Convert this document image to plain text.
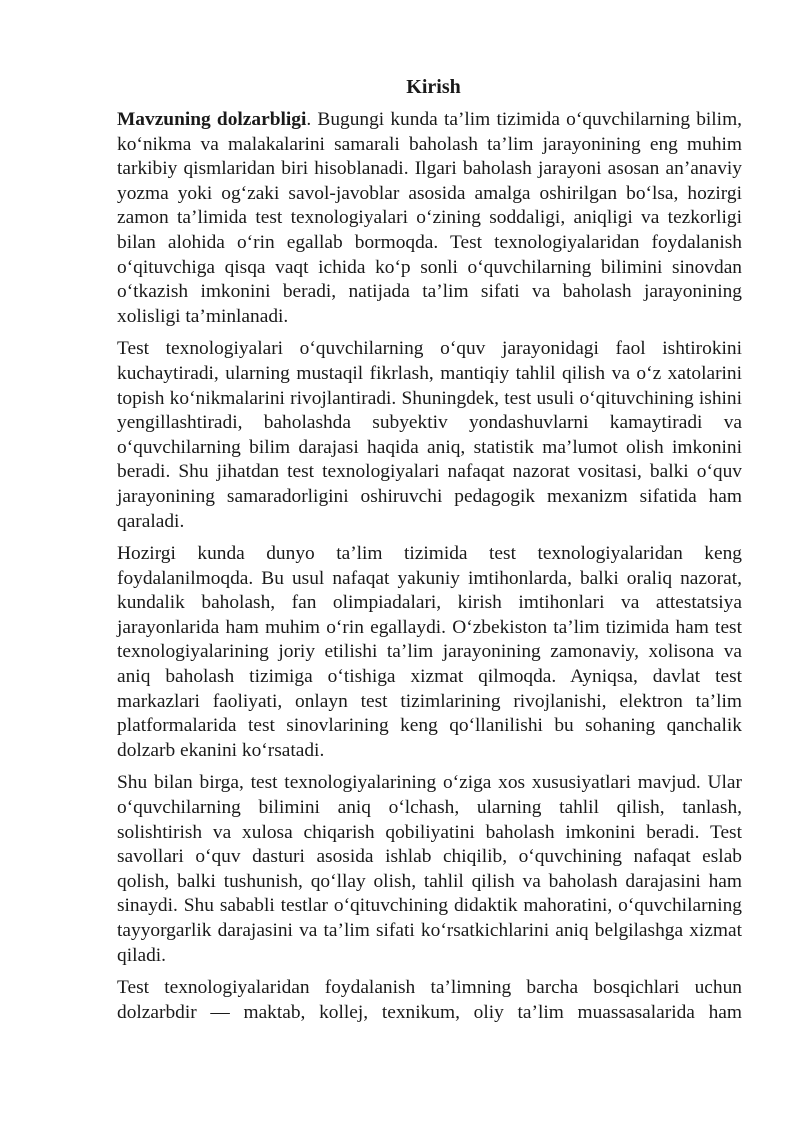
Kirish

Mavzuning dolzarbligi. Bugungi kunda ta’lim tizimida o‘quvchilarning bilim, ko‘nikma va malakalarini samarali baholash ta’lim jarayonining eng muhim tarkibiy qismlaridan biri hisoblanadi. Ilgari baholash jarayoni asosan an’anaviy yozma yoki og‘zaki savol-javoblar asosida amalga oshirilgan bo‘lsa, hozirgi zamon ta’limida test texnologiyalari o‘zining soddaligi, aniqligi va tezkorligi bilan alohida o‘rin egallab bormoqda. Test texnologiyalaridan foydalanish o‘qituvchiga qisqa vaqt ichida ko‘p sonli o‘quvchilarning bilimini sinovdan o‘tkazish imkonini beradi, natijada ta’lim sifati va baholash jarayonining xolisligi ta’minlanadi.

Test texnologiyalari o‘quvchilarning o‘quv jarayonidagi faol ishtirokini kuchaytiradi, ularning mustaqil fikrlash, mantiqiy tahlil qilish va o‘z xatolarini topish ko‘nikmalarini rivojlantiradi. Shuningdek, test usuli o‘qituvchining ishini yengillashtiradi, baholashda subyektiv yondashuvlarni kamaytiradi va o‘quvchilarning bilim darajasi haqida aniq, statistik ma’lumot olish imkonini beradi. Shu jihatdan test texnologiyalari nafaqat nazorat vositasi, balki o‘quv jarayonining samaradorligini oshiruvchi pedagogik mexanizm sifatida ham qaraladi.

Hozirgi kunda dunyo ta’lim tizimida test texnologiyalaridan keng foydalanilmoqda. Bu usul nafaqat yakuniy imtihonlarda, balki oraliq nazorat, kundalik baholash, fan olimpiadalari, kirish imtihonlari va attestatsiya jarayonlarida ham muhim o‘rin egallaydi. O‘zbekiston ta’lim tizimida ham test texnologiyalarining joriy etilishi ta’lim jarayonining zamonaviy, xolisona va aniq baholash tizimiga o‘tishiga xizmat qilmoqda. Ayniqsa, davlat test markazlari faoliyati, onlayn test tizimlarining rivojlanishi, elektron ta’lim platformalarida test sinovlarining keng qo‘llanilishi bu sohaning qanchalik dolzarb ekanini ko‘rsatadi.

Shu bilan birga, test texnologiyalarining o‘ziga xos xususiyatlari mavjud. Ular o‘quvchilarning bilimini aniq o‘lchash, ularning tahlil qilish, tanlash, solishtirish va xulosa chiqarish qobiliyatini baholash imkonini beradi. Test savollari o‘quv dasturi asosida ishlab chiqilib, o‘quvchining nafaqat eslab qolish, balki tushunish, qo‘llay olish, tahlil qilish va baholash darajasini ham sinaydi. Shu sababli testlar o‘qituvchining didaktik mahoratini, o‘quvchilarning tayyorgarlik darajasini va ta’lim sifati ko‘rsatkichlarini aniq belgilashga xizmat qiladi.

Test texnologiyalaridan foydalanish ta’limning barcha bosqichlari uchun dolzarbdir — maktab, kollej, texnikum, oliy ta’lim muassasalarida ham
